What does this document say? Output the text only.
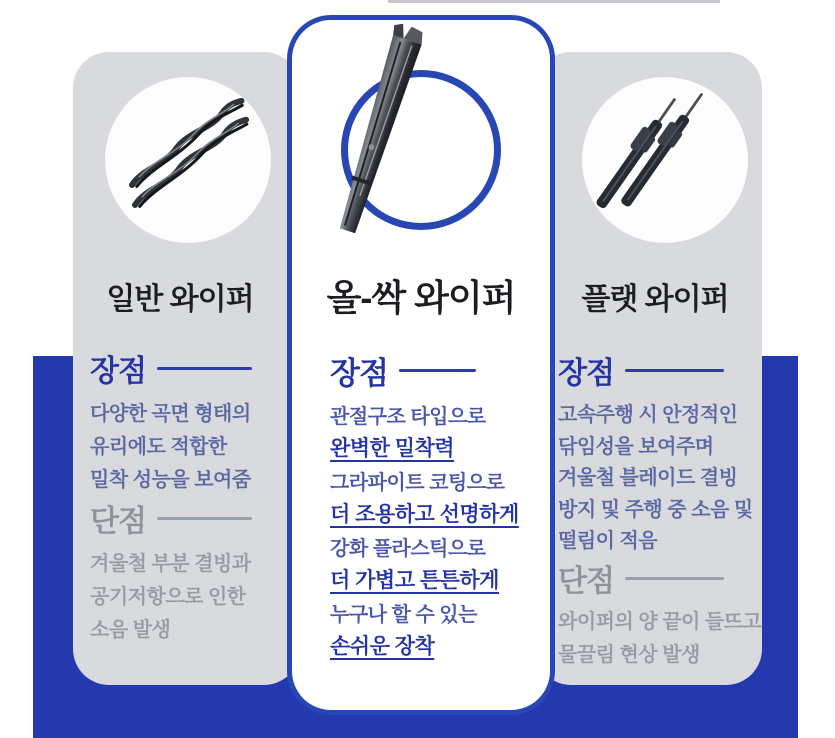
일반 와이퍼	올-싹 와이퍼	플랫 와이퍼
장점
다양한 곡면 형태의
유리에도 적합한
밀착 성능을 보여줌
단점
겨울철 부분 결빙과
공기저항으로 인한
소음 발생
장점
관절구조 타입으로
완벽한 밀착력
그라파이트 코팅으로
더 조용하고 선명하게
강화 플라스틱으로
더 가볍고 튼튼하게
누구나 할 수 있는
손쉬운 장착
장점
고속주행 시 안정적인
닦임성을 보여주며
겨울철 블레이드 결빙
방지 및 주행 중 소음 및
떨림이 적음
단점
와이퍼의 양 끝이 들뜨고
물끌림 현상 발생
